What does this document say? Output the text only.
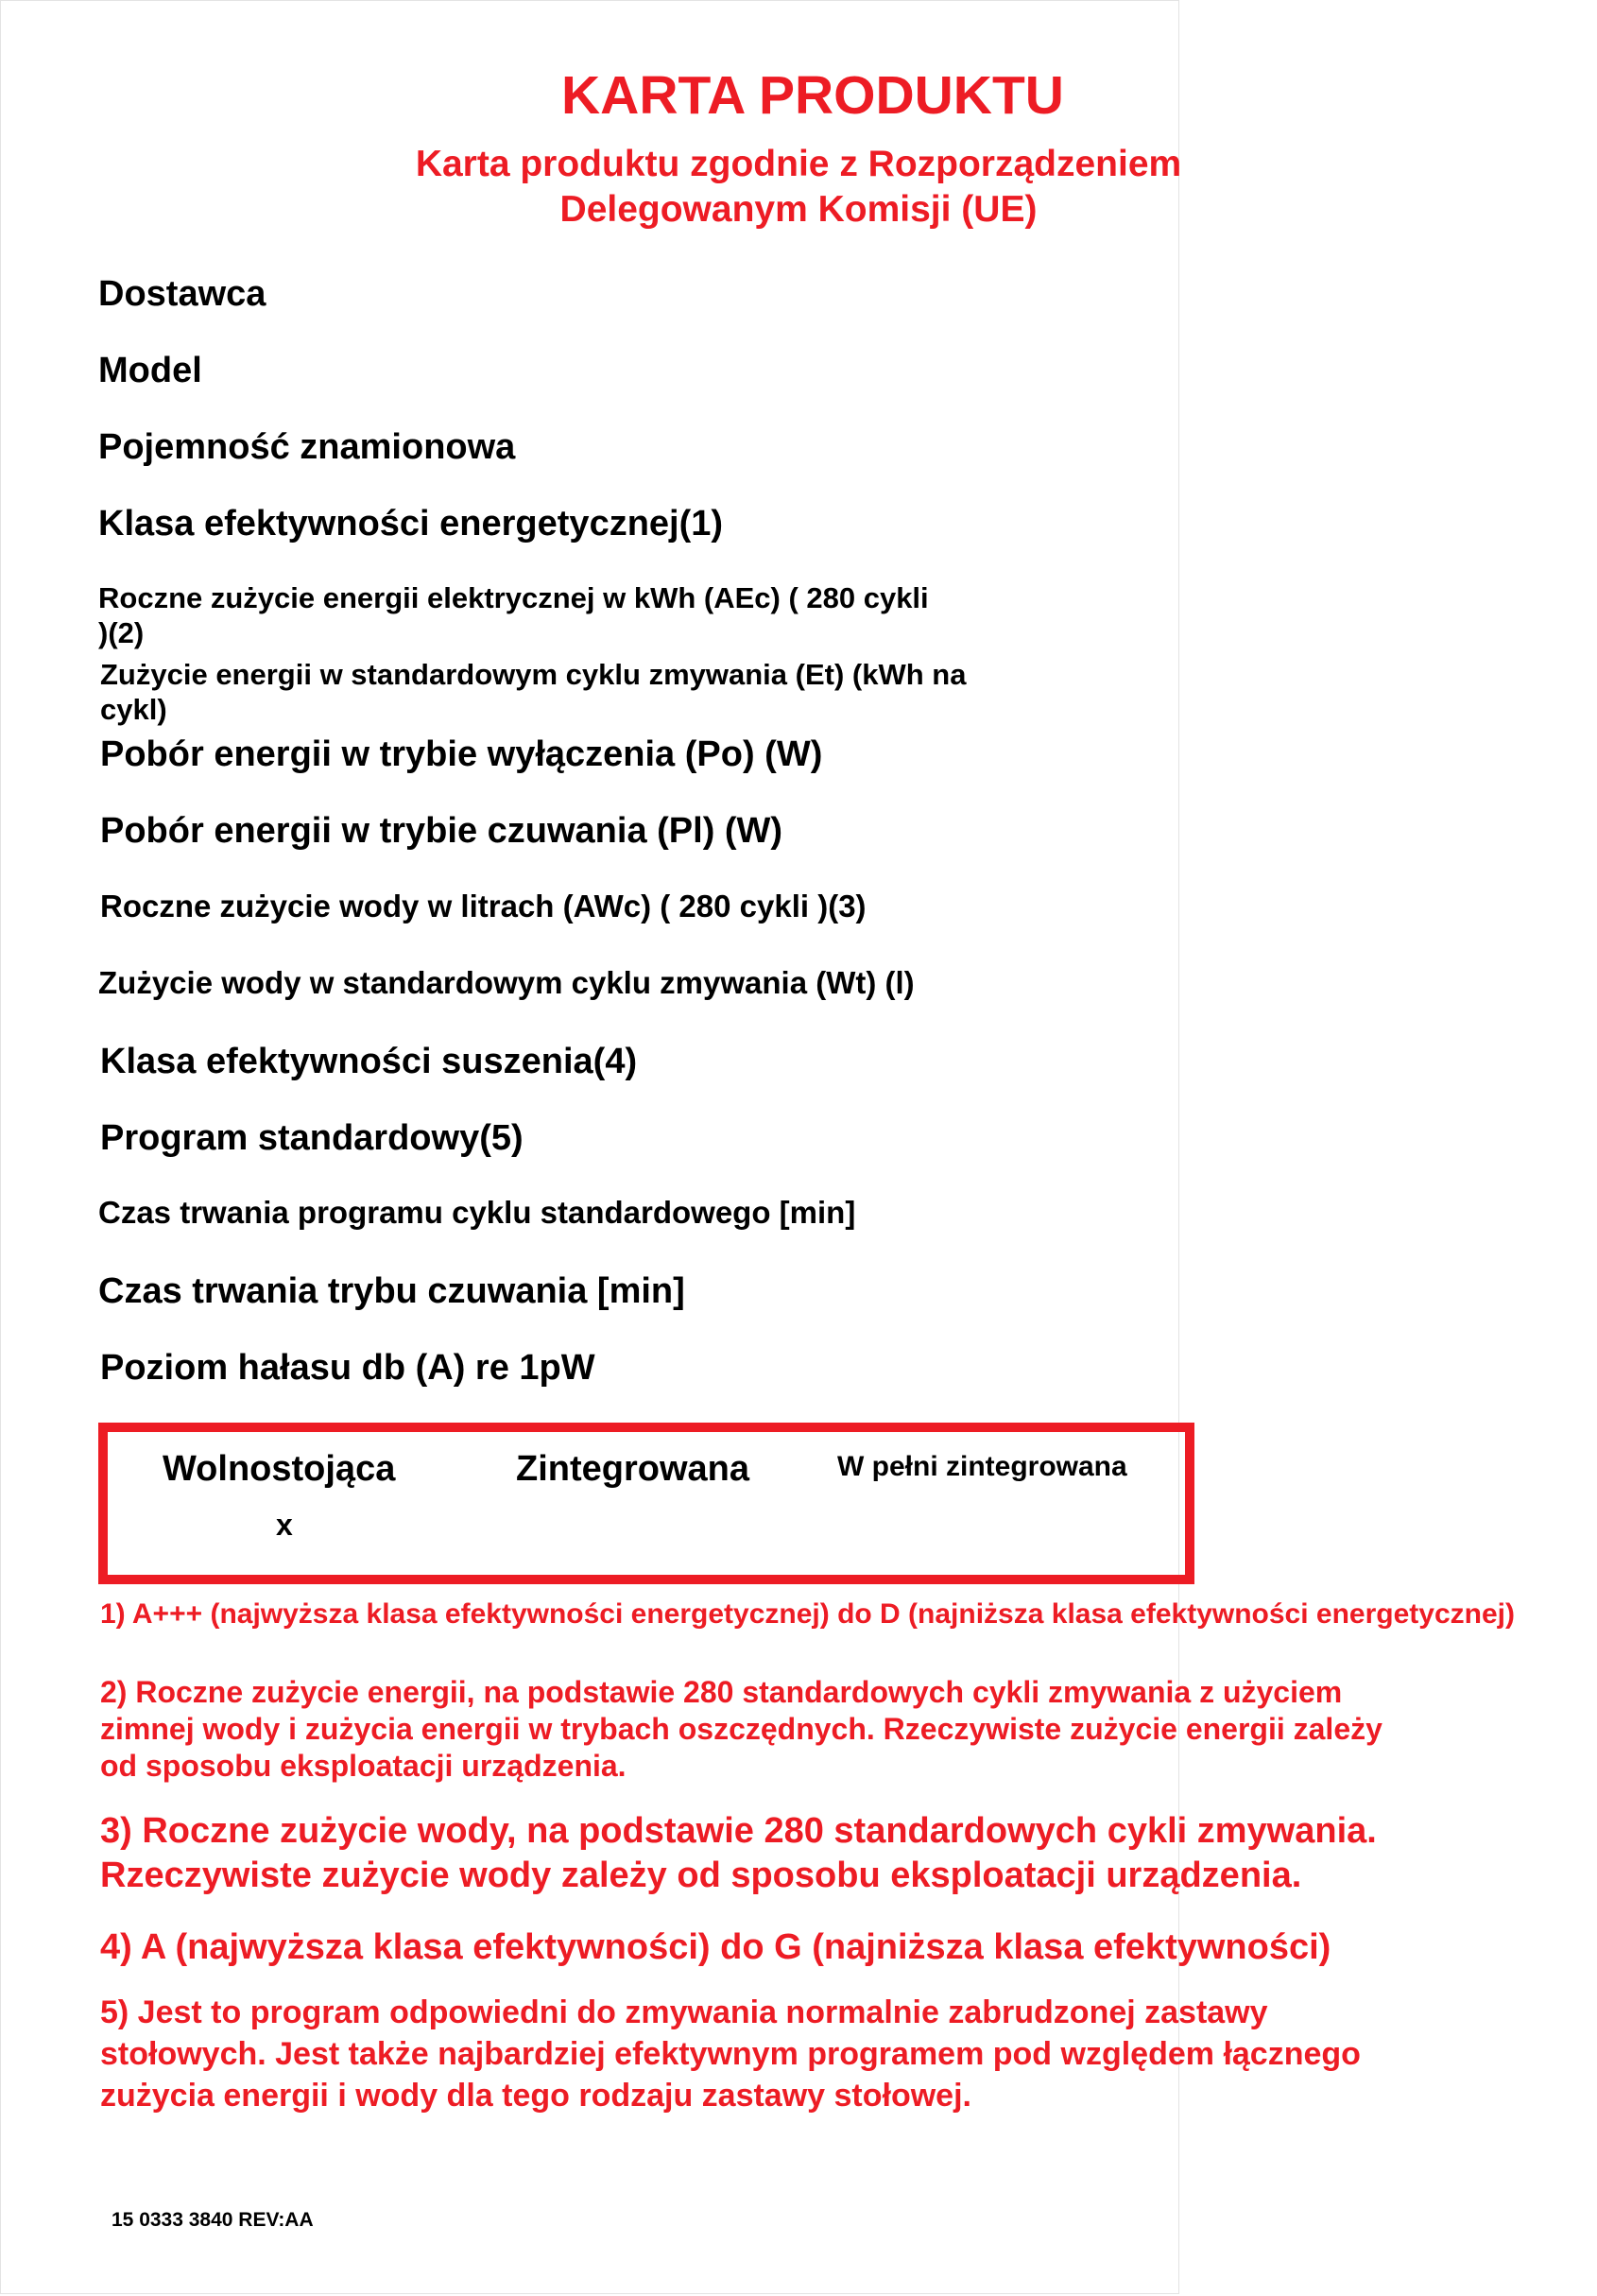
KARTA PRODUKTU
Karta produktu zgodnie z Rozporządzeniem
Delegowanym Komisji (UE)
Dostawca
Model
Pojemność znamionowa
Klasa efektywności energetycznej(1)
Roczne zużycie energii elektrycznej w kWh (AEc) ( 280 cykli
)(2)
Zużycie energii w standardowym cyklu zmywania (Et) (kWh na
cykl)
Pobór energii w trybie wyłączenia (Po) (W)
Pobór energii w trybie czuwania (Pl) (W)
Roczne zużycie wody w litrach (AWc) ( 280 cykli )(3)
Zużycie wody w standardowym cyklu zmywania (Wt) (l)
Klasa efektywności suszenia(4)
Program standardowy(5)
Czas trwania programu cyklu standardowego [min]
Czas trwania trybu czuwania [min]
Poziom hałasu db (A) re 1pW
Wolnostojąca	Zintegrowana	W pełni zintegrowana
x
1) A+++ (najwyższa klasa efektywności energetycznej) do D (najniższa klasa efektywności energetycznej)
2) Roczne zużycie energii, na podstawie 280 standardowych cykli zmywania z użyciem
zimnej wody i zużycia energii w trybach oszczędnych. Rzeczywiste zużycie energii zależy
od sposobu eksploatacji urządzenia.
3) Roczne zużycie wody, na podstawie 280 standardowych cykli zmywania.
Rzeczywiste zużycie wody zależy od sposobu eksploatacji urządzenia.
4) A (najwyższa klasa efektywności) do G (najniższa klasa efektywności)
5) Jest to program odpowiedni do zmywania normalnie zabrudzonej zastawy
stołowych. Jest także najbardziej efektywnym programem pod względem łącznego
zużycia energii i wody dla tego rodzaju zastawy stołowej.
15 0333 3840 REV:AA
